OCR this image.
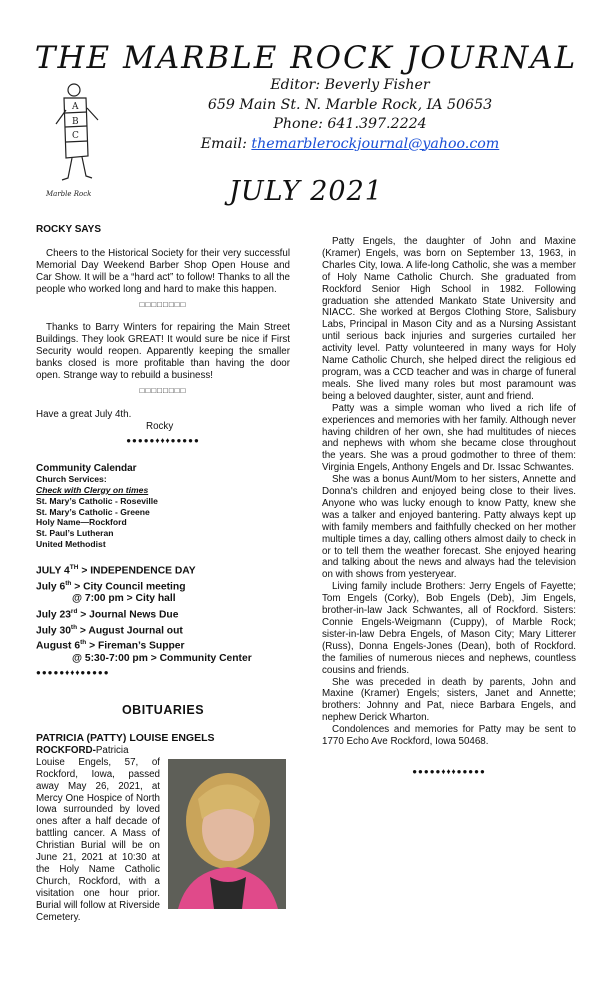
THE MARBLE ROCK JOURNAL
A
B
C
Marble Rock
Editor: Beverly Fisher
659 Main St. N. Marble Rock, IA 50653
Phone: 641.397.2224
Email: themarblerockjournal@yahoo.com
JULY 2021
ROCKY SAYS

Cheers to the Historical Society for their very successful Memorial Day Weekend Barber Shop Open House and Car Show. It will be a “hard act” to follow! Thanks to all the people who worked long and hard to make this happen.

□□□□□□□□

Thanks to Barry Winters for repairing the Main Street Buildings. They look GREAT! It would sure be nice if First Security would reopen. Apparently keeping the smaller banks closed is more profitable than having the door open. Strange way to rebuild a business!

□□□□□□□□

Have a great July 4th.

Rocky

●●●●●♦♦♦●●●●●
Community Calendar
Church Services:
Check with Clergy on times
St. Mary’s Catholic - Roseville
St. Mary’s Catholic - Greene
Holy Name—Rockford
St. Paul’s Lutheran
United Methodist
JULY 4TH > INDEPENDENCE DAY
July 6th > City Council meeting
@ 7:00 pm > City hall
July 23rd > Journal News Due
July 30th > August Journal out
August 6th > Fireman’s Supper
@ 5:30-7:00 pm > Community Center
●●●●●♦♦♦●●●●●
OBITUARIES
PATRICIA (PATTY) LOUISE ENGELS

ROCKFORD-Patricia Louise Engels, 57, of Rockford, Iowa, passed away May 26, 2021, at Mercy One Hospice of North Iowa surrounded by loved ones after a half decade of battling cancer. A Mass of Christian Burial will be on June 21, 2021 at 10:30 at the Holy Name Catholic Church, Rockford, with a visitation one hour prior. Burial will follow at Riverside Cemetery.

Patty Engels, the daughter of John and Maxine (Kramer) Engels, was born on September 13, 1963, in Charles City, Iowa. A life-long Catholic, she was a member of Holy Name Catholic Church. She graduated from Rockford Senior High School in 1982. Following graduation she attended Mankato State University and NIACC. She worked at Bergos Clothing Store, Salisbury Labs, Principal in Mason City and as a Nursing Assistant until serious back injuries and surgeries curtailed her activity level. Patty volunteered in many ways for Holy Name Catholic Church, she helped direct the religious ed program, was a CCD teacher and was in charge of funeral meals. She lived many roles but most paramount was being a beloved daughter, sister, aunt and friend.

Patty was a simple woman who lived a rich life of experiences and memories with her family. Although never having children of her own, she had multitudes of nieces and nephews with whom she became close throughout the years. She was a proud godmother to three of them: Virginia Engels, Anthony Engels and Dr. Issac Schwantes.

She was a bonus Aunt/Mom to her sisters, Annette and Donna's children and enjoyed being close to their lives. Anyone who was lucky enough to know Patty, knew she was a talker and enjoyed bantering. Patty always kept up with family members and faithfully checked on her mother multiple times a day, calling others almost daily to check in or to tell them the weather forecast. She enjoyed hearing and talking about the news and always had the television on with shows from yesteryear.

Living family include Brothers: Jerry Engels of Fayette; Tom Engels (Corky), Bob Engels (Deb), Jim Engels, brother-in-law Jack Schwantes, all of Rockford. Sisters: Connie Engels-Weigmann (Cuppy), of Marble Rock; sister-in-law Debra Engels, of Mason City; Mary Litterer (Russ), Donna Engels-Jones (Dean), both of Rockford. the families of numerous nieces and nephews, countless cousins and friends.

She was preceded in death by parents, John and Maxine (Kramer) Engels; sisters, Janet and Annette; brothers: Johnny and Pat, niece Barbara Engels, and nephew Derick Wharton.

Condolences and memories for Patty may be sent to 1770 Echo Ave Rockford, Iowa 50468.

●●●●●♦♦♦●●●●●
